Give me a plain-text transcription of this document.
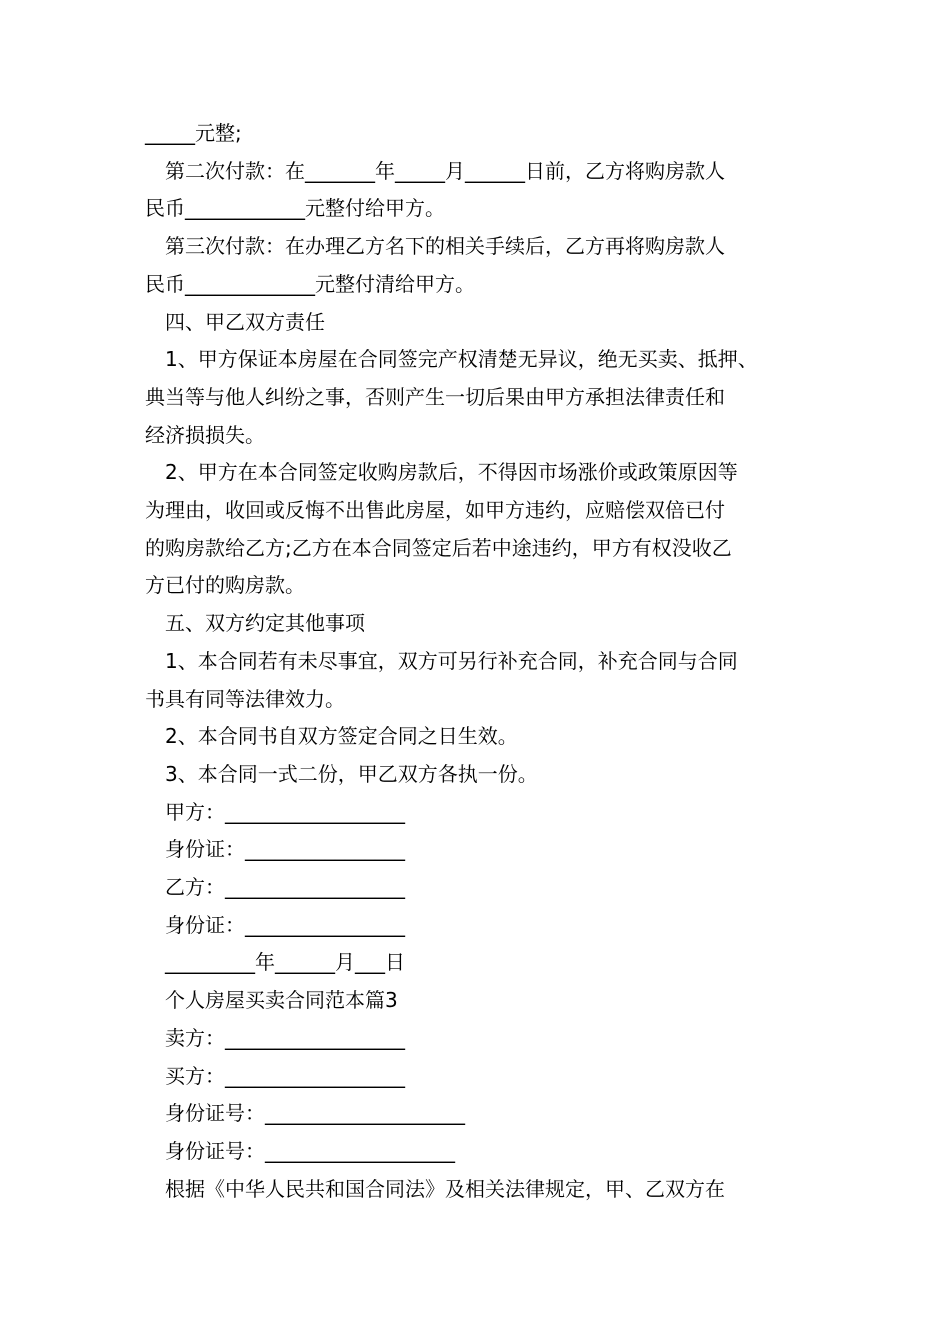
_____元整;

第二次付款：在_______年_____月______日前，乙方将购房款人

民币____________元整付给甲方。

第三次付款：在办理乙方名下的相关手续后，乙方再将购房款人

民币_____________元整付清给甲方。

四、甲乙双方责任

1、甲方保证本房屋在合同签完产权清楚无异议，绝无买卖、抵押、

典当等与他人纠纷之事，否则产生一切后果由甲方承担法律责任和

经济损损失。

2、甲方在本合同签定收购房款后，不得因市场涨价或政策原因等

为理由，收回或反悔不出售此房屋，如甲方违约，应赔偿双倍已付

的购房款给乙方;乙方在本合同签定后若中途违约，甲方有权没收乙

方已付的购房款。

五、双方约定其他事项

1、本合同若有未尽事宜，双方可另行补充合同，补充合同与合同

书具有同等法律效力。

2、本合同书自双方签定合同之日生效。

3、本合同一式二份，甲乙双方各执一份。

甲方：__________________

身份证：________________

乙方：__________________

身份证：________________

_________年______月___日

个人房屋买卖合同范本篇3

卖方：__________________

买方：__________________

身份证号：____________________

身份证号：___________________

根据《中华人民共和国合同法》及相关法律规定，甲、乙双方在
